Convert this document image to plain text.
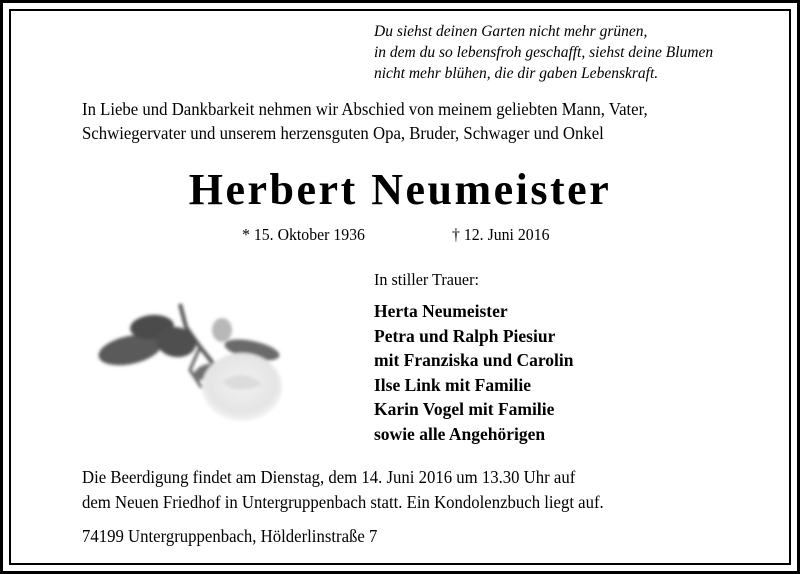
Du siehst deinen Garten nicht mehr grünen,
in dem du so lebensfroh geschafft, siehst deine Blumen
nicht mehr blühen, die dir gaben Lebenskraft.
In Liebe und Dankbarkeit nehmen wir Abschied von meinem geliebten Mann, Vater,
Schwiegervater und unserem herzensguten Opa, Bruder, Schwager und Onkel
Herbert Neumeister
* 15. Oktober 1936	† 12. Juni 2016
In stiller Trauer:
Herta Neumeister
Petra und Ralph Piesiur
mit Franziska und Carolin
Ilse Link mit Familie
Karin Vogel mit Familie
sowie alle Angehörigen
Die Beerdigung findet am Dienstag, dem 14. Juni 2016 um 13.30 Uhr auf
dem Neuen Friedhof in Untergruppenbach statt. Ein Kondolenzbuch liegt auf.
74199 Untergruppenbach, Hölderlinstraße 7
